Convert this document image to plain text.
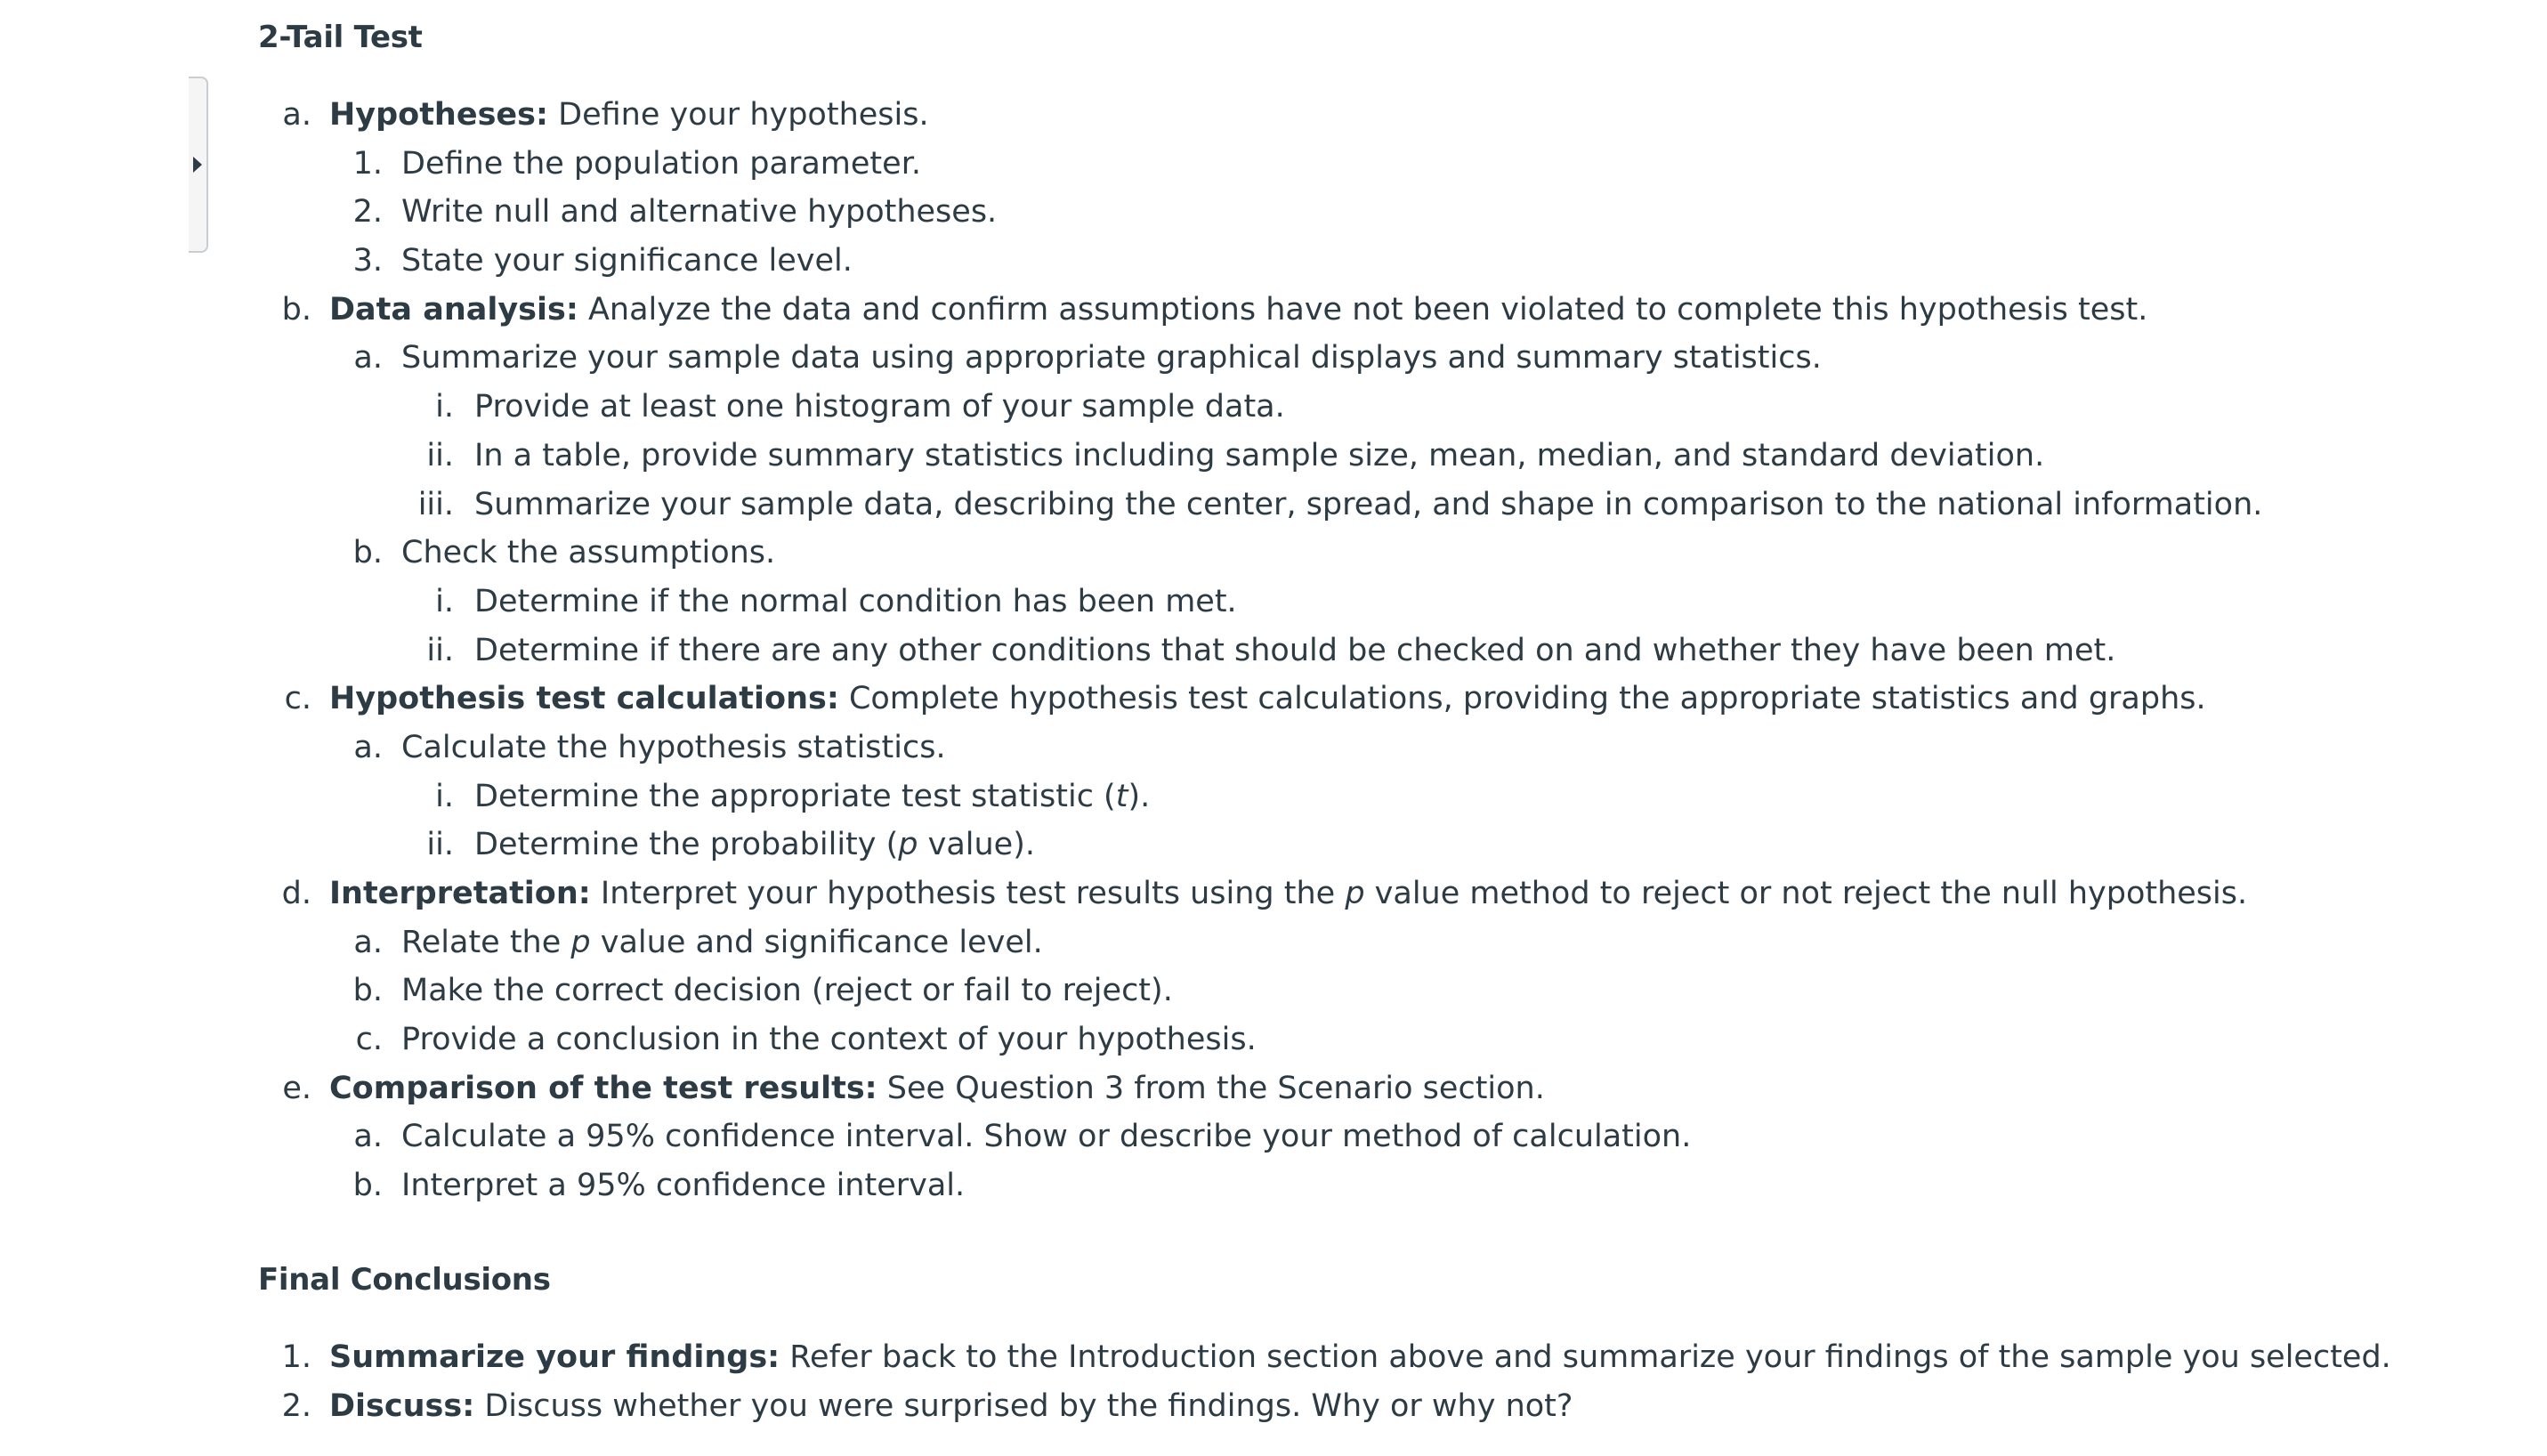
2-Tail Test
a. Hypotheses: Define your hypothesis.
1. Define the population parameter.
2. Write null and alternative hypotheses.
3. State your significance level.
b. Data analysis: Analyze the data and confirm assumptions have not been violated to complete this hypothesis test.
a. Summarize your sample data using appropriate graphical displays and summary statistics.
i. Provide at least one histogram of your sample data.
ii. In a table, provide summary statistics including sample size, mean, median, and standard deviation.
iii. Summarize your sample data, describing the center, spread, and shape in comparison to the national information.
b. Check the assumptions.
i. Determine if the normal condition has been met.
ii. Determine if there are any other conditions that should be checked on and whether they have been met.
c. Hypothesis test calculations: Complete hypothesis test calculations, providing the appropriate statistics and graphs.
a. Calculate the hypothesis statistics.
i. Determine the appropriate test statistic (t).
ii. Determine the probability (p value).
d. Interpretation: Interpret your hypothesis test results using the p value method to reject or not reject the null hypothesis.
a. Relate the p value and significance level.
b. Make the correct decision (reject or fail to reject).
c. Provide a conclusion in the context of your hypothesis.
e. Comparison of the test results: See Question 3 from the Scenario section.
a. Calculate a 95% confidence interval. Show or describe your method of calculation.
b. Interpret a 95% confidence interval.
Final Conclusions
1. Summarize your findings: Refer back to the Introduction section above and summarize your findings of the sample you selected.
2. Discuss: Discuss whether you were surprised by the findings. Why or why not?
